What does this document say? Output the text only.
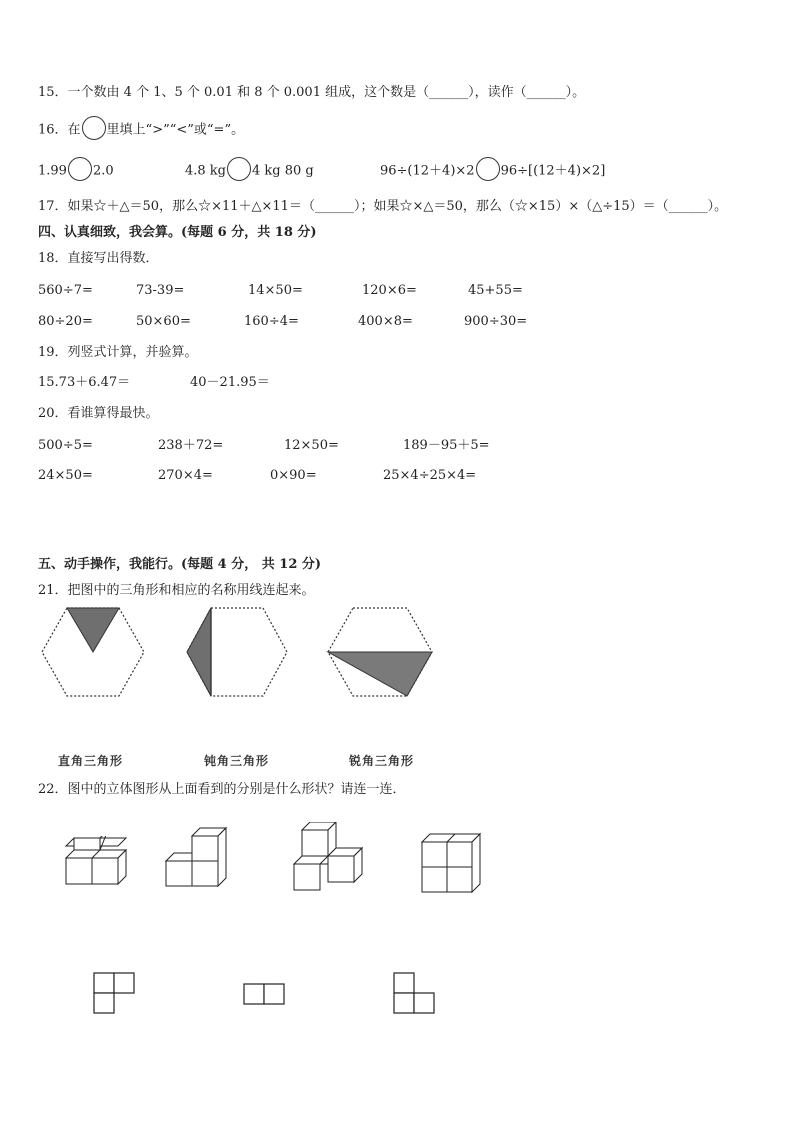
15．一个数由 4 个 1、5 个 0.01 和 8 个 0.001 组成，这个数是（______），读作（______）。
16．在 里填上“>”“<”或“=”。
1.99 2.0	4.8 kg 4 kg 80 g	96÷(12＋4)×2 96÷[(12＋4)×2]
17．如果☆＋△＝50，那么☆×11＋△×11＝（______）；如果☆×△＝50，那么（☆×15）×（△÷15）＝（______）。
四、认真细致，我会算。(每题 6 分，共 18 分)
18．直接写出得数．
560÷7=	73-39=	14×50=	120×6=	45+55=
80÷20=	50×60=	160÷4=	400×8=	900÷30=
19．列竖式计算，并验算。
15.73＋6.47＝	40－21.95＝
20．看谁算得最快。
500÷5=	238＋72=	12×50=	189－95＋5=
24×50=	270×4=	0×90=	25×4÷25×4=
五、动手操作，我能行。(每题 4 分， 共 12 分)
21．把图中的三角形和相应的名称用线连起来。
直角三角形	钝角三角形	锐角三角形
22．图中的立体图形从上面看到的分别是什么形状？请连一连．
